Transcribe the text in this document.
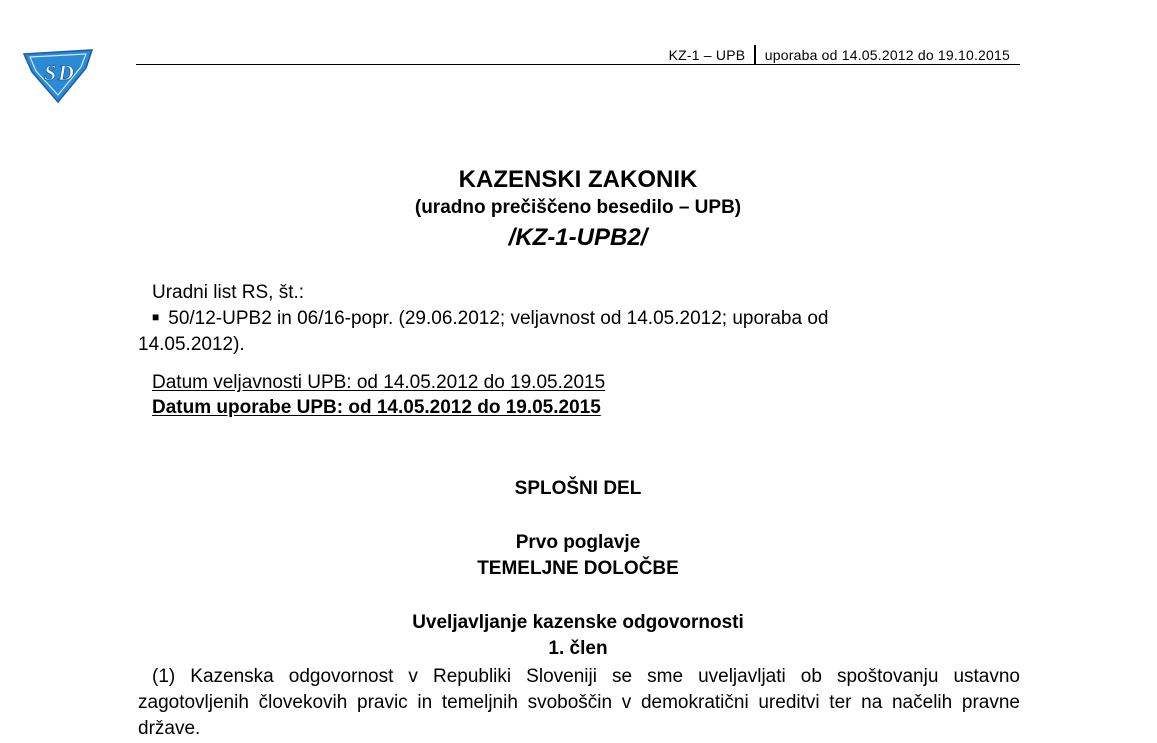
S D
KZ-1 – UPB uporaba od 14.05.2012 do 19.10.2015
KAZENSKI ZAKONIK
(uradno prečiščeno besedilo – UPB)
/KZ-1-UPB2/
Uradni list RS, št.:
■ 50/12-UPB2 in 06/16-popr. (29.06.2012; veljavnost od 14.05.2012; uporaba od
14.05.2012).
Datum veljavnosti UPB: od 14.05.2012 do 19.05.2015
Datum uporabe UPB: od 14.05.2012 do 19.05.2015
SPLOŠNI DEL
Prvo poglavje
TEMELJNE DOLOČBE
Uveljavljanje kazenske odgovornosti
1. člen
(1) Kazenska odgovornost v Republiki Sloveniji se sme uveljavljati ob spoštovanju ustavno zagotovljenih človekovih pravic in temeljnih svoboščin v demokratični ureditvi ter na načelih pravne države.
